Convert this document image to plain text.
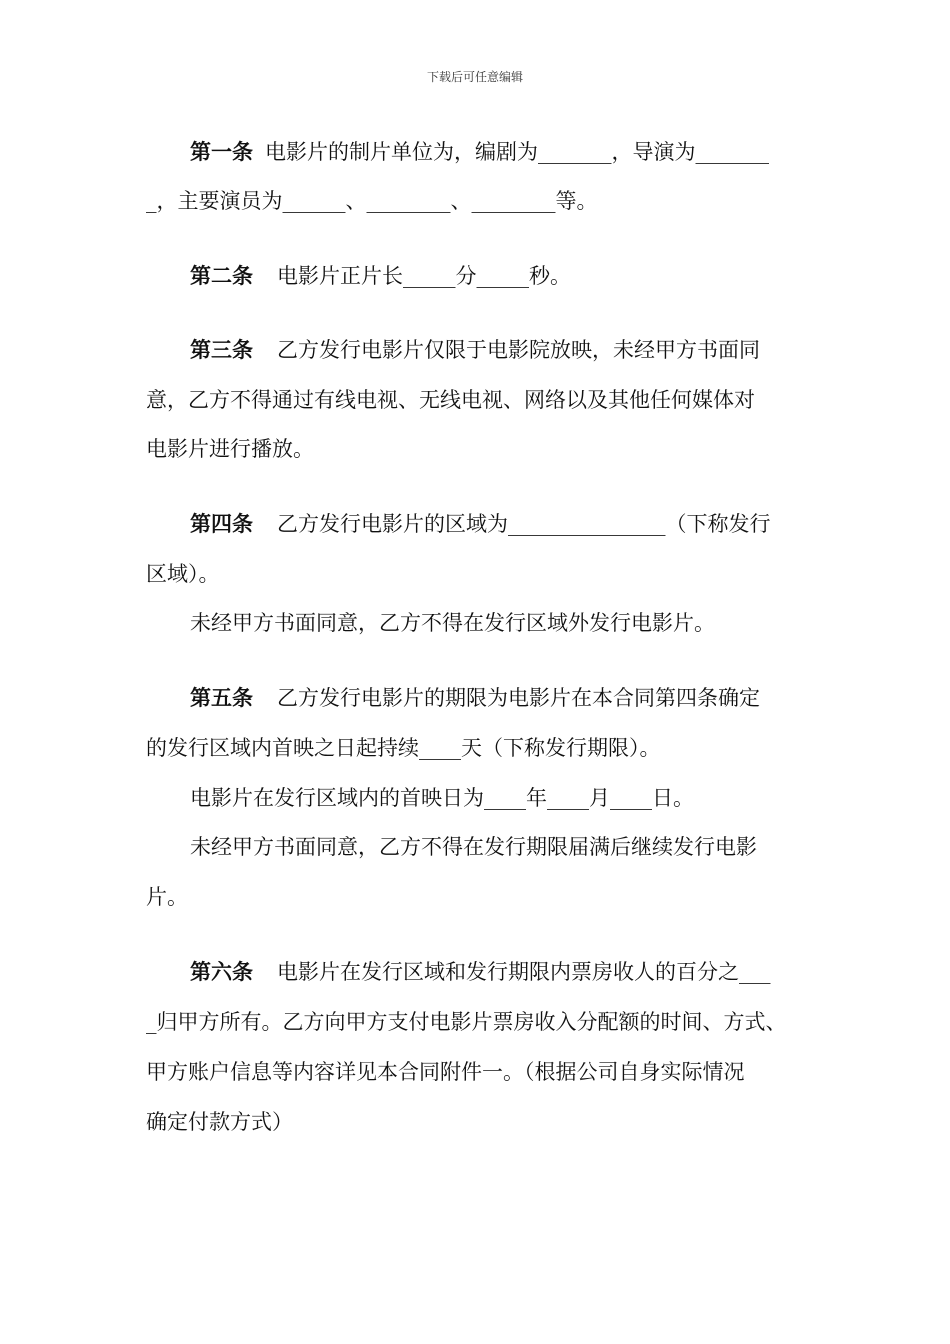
下载后可任意编辑
第一条 电影片的制片单位为，编剧为_______，导演为_______
_，主要演员为______、________、________等。
第二条 电影片正片长_____分_____秒。
第三条 乙方发行电影片仅限于电影院放映，未经甲方书面同
意，乙方不得通过有线电视、无线电视、网络以及其他任何媒体对
电影片进行播放。
第四条 乙方发行电影片的区域为_______________（下称发行
区域）。
未经甲方书面同意，乙方不得在发行区域外发行电影片。
第五条 乙方发行电影片的期限为电影片在本合同第四条确定
的发行区域内首映之日起持续____天（下称发行期限）。
电影片在发行区域内的首映日为____年____月____日。
未经甲方书面同意，乙方不得在发行期限届满后继续发行电影
片。
第六条 电影片在发行区域和发行期限内票房收人的百分之___
_归甲方所有。乙方向甲方支付电影片票房收入分配额的时间、方式、
甲方账户信息等内容详见本合同附件一。（根据公司自身实际情况
确定付款方式）
